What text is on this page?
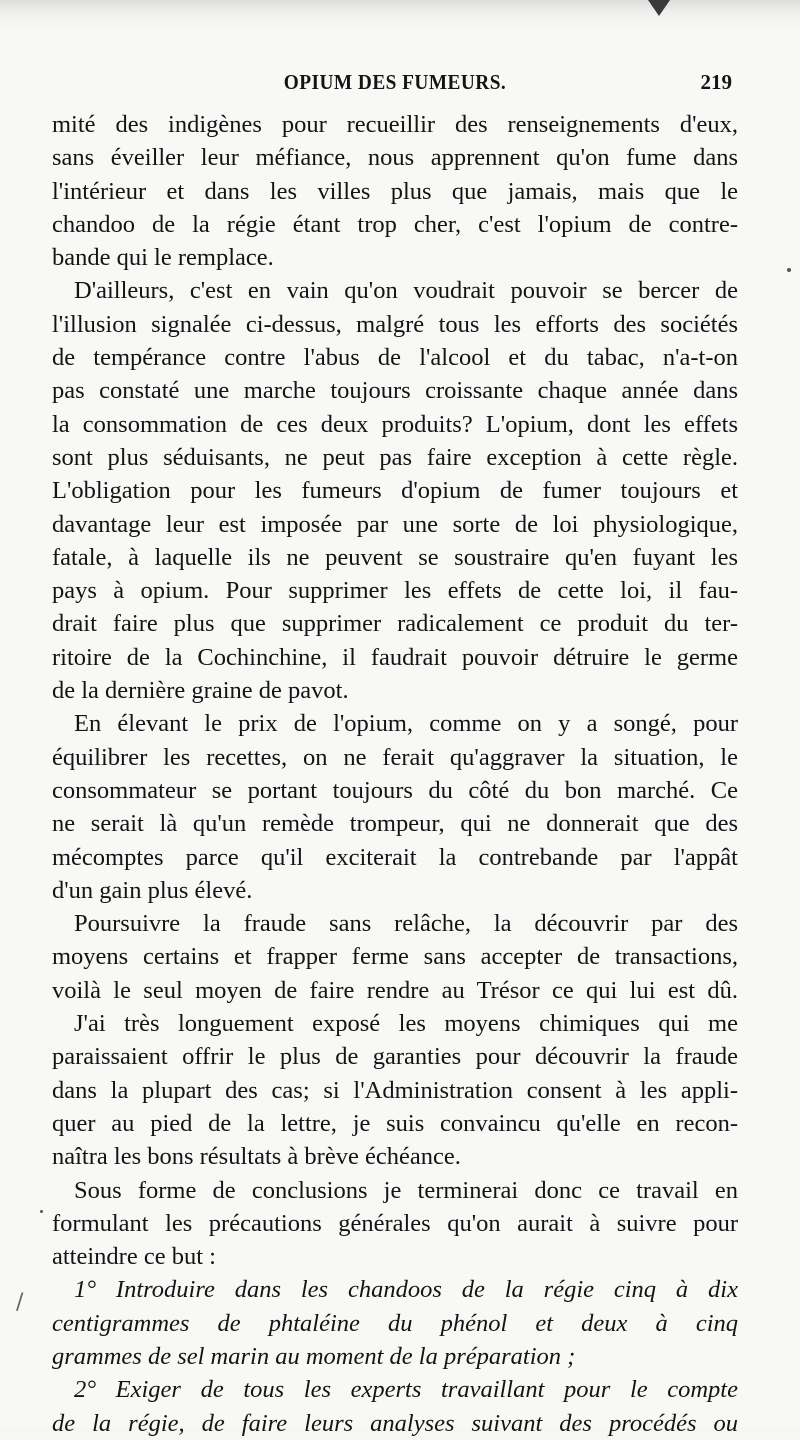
OPIUM DES FUMEURS.	219
mité des indigènes pour recueillir des renseignements d'eux,
sans éveiller leur méfiance, nous apprennent qu'on fume dans
l'intérieur et dans les villes plus que jamais, mais que le
chandoo de la régie étant trop cher, c'est l'opium de contre-
bande qui le remplace.
D'ailleurs, c'est en vain qu'on voudrait pouvoir se bercer de
l'illusion signalée ci-dessus, malgré tous les efforts des sociétés
de tempérance contre l'abus de l'alcool et du tabac, n'a-t-on
pas constaté une marche toujours croissante chaque année dans
la consommation de ces deux produits? L'opium, dont les effets
sont plus séduisants, ne peut pas faire exception à cette règle.
L'obligation pour les fumeurs d'opium de fumer toujours et
davantage leur est imposée par une sorte de loi physiologique,
fatale, à laquelle ils ne peuvent se soustraire qu'en fuyant les
pays à opium. Pour supprimer les effets de cette loi, il fau-
drait faire plus que supprimer radicalement ce produit du ter-
ritoire de la Cochinchine, il faudrait pouvoir détruire le germe
de la dernière graine de pavot.
En élevant le prix de l'opium, comme on y a songé, pour
équilibrer les recettes, on ne ferait qu'aggraver la situation, le
consommateur se portant toujours du côté du bon marché. Ce
ne serait là qu'un remède trompeur, qui ne donnerait que des
mécomptes parce qu'il exciterait la contrebande par l'appât
d'un gain plus élevé.
Poursuivre la fraude sans relâche, la découvrir par des
moyens certains et frapper ferme sans accepter de transactions,
voilà le seul moyen de faire rendre au Trésor ce qui lui est dû.
J'ai très longuement exposé les moyens chimiques qui me
paraissaient offrir le plus de garanties pour découvrir la fraude
dans la plupart des cas; si l'Administration consent à les appli-
quer au pied de la lettre, je suis convaincu qu'elle en recon-
naîtra les bons résultats à brève échéance.
Sous forme de conclusions je terminerai donc ce travail en
formulant les précautions générales qu'on aurait à suivre pour
atteindre ce but :
1° Introduire dans les chandoos de la régie cinq à dix
centigrammes de phtaléine du phénol et deux à cinq
grammes de sel marin au moment de la préparation ;
2° Exiger de tous les experts travaillant pour le compte
de la régie, de faire leurs analyses suivant des procédés ou
/
